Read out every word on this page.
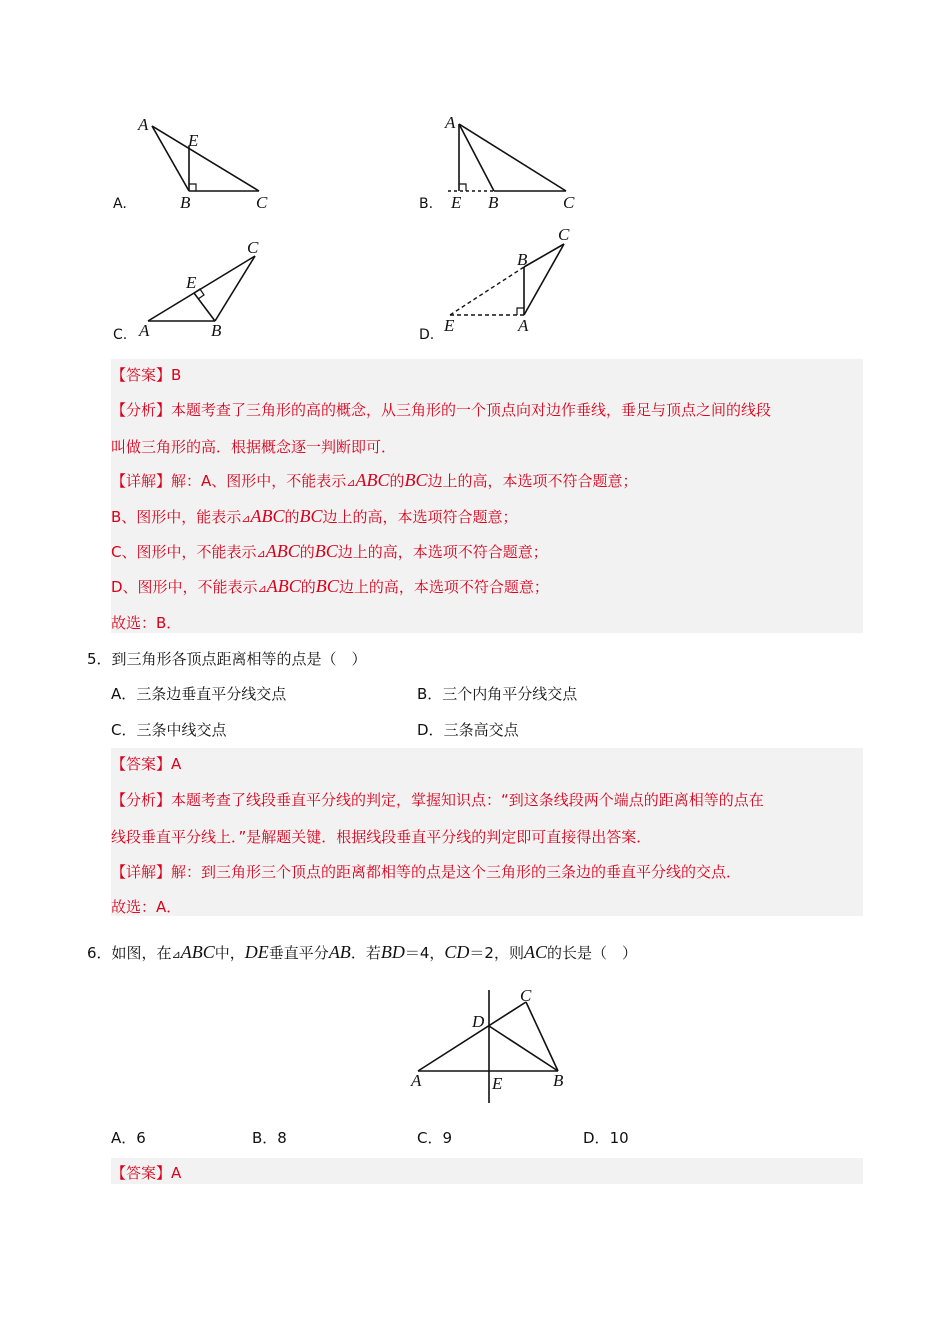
A.
A
E
B	C	B.
A
E B	C
C.
C
E
A	B	D.
C
B
E	A
【答案】B
【分析】本题考查了三角形的高的概念，从三角形的一个顶点向对边作垂线，垂足与顶点之间的线段
叫做三角形的高．根据概念逐一判断即可．
【详解】解：A、图形中，不能表示⊿ABC的BC边上的高，本选项不符合题意；
B、图形中，能表示⊿ABC的BC边上的高，本选项符合题意；
C、图形中，不能表示⊿ABC的BC边上的高，本选项不符合题意；
D、图形中，不能表示⊿ABC的BC边上的高，本选项不符合题意；
故选：B．
5．到三角形各顶点距离相等的点是（　）
A．三条边垂直平分线交点	B．三个内角平分线交点
C．三条中线交点	D．三条高交点
【答案】A
【分析】本题考查了线段垂直平分线的判定，掌握知识点：“到这条线段两个端点的距离相等的点在
线段垂直平分线上．”是解题关键．根据线段垂直平分线的判定即可直接得出答案．
【详解】解：到三角形三个顶点的距离都相等的点是这个三角形的三条边的垂直平分线的交点．
故选：A．
6．如图，在⊿ABC中，DE垂直平分AB．若BD＝4，CD＝2，则AC的长是（　）
C
D
A	E	B
A．6	B．8	C．9	D．10
【答案】A
